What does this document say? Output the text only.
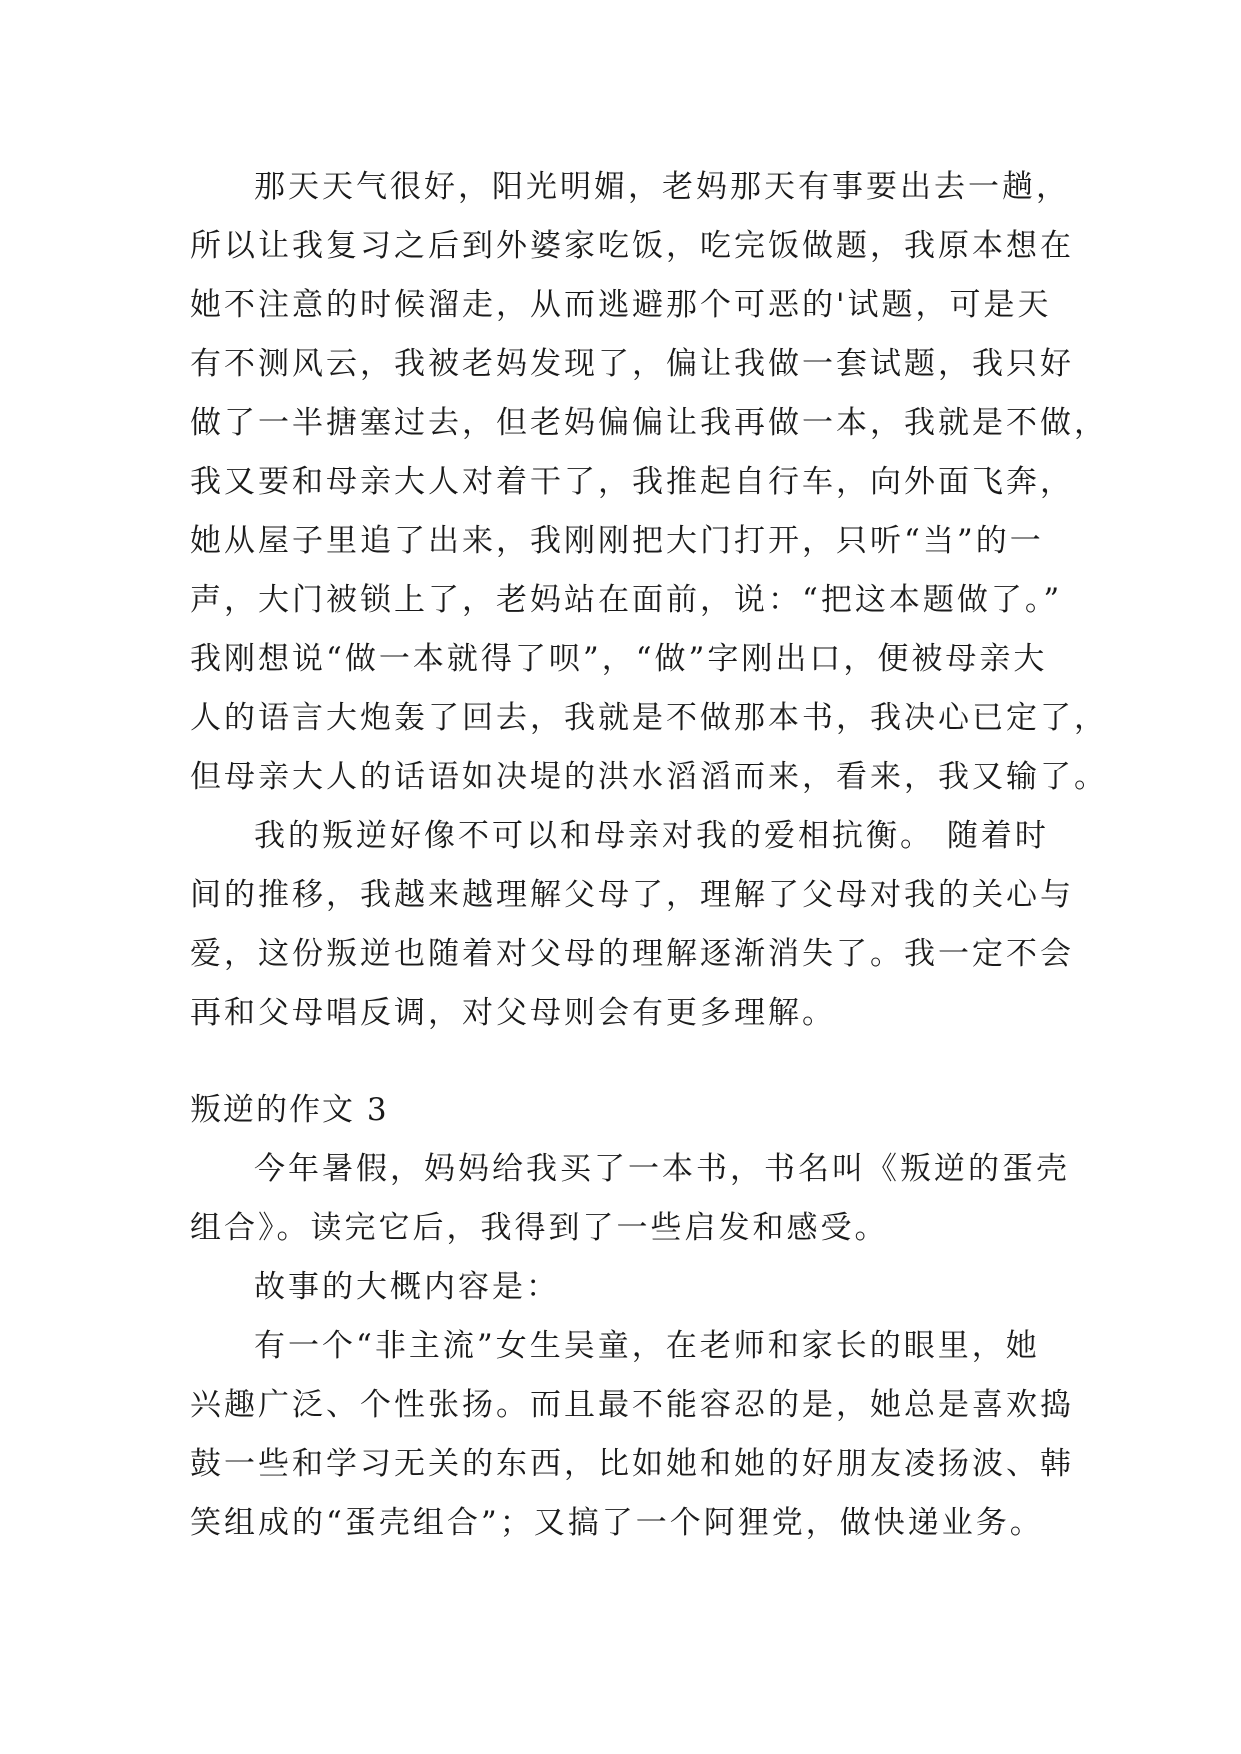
那天天气很好，阳光明媚，老妈那天有事要出去一趟，
所以让我复习之后到外婆家吃饭，吃完饭做题，我原本想在
她不注意的时候溜走，从而逃避那个可恶的'试题，可是天
有不测风云，我被老妈发现了，偏让我做一套试题，我只好
做了一半搪塞过去，但老妈偏偏让我再做一本，我就是不做，
我又要和母亲大人对着干了，我推起自行车，向外面飞奔，
她从屋子里追了出来，我刚刚把大门打开，只听“当”的一
声，大门被锁上了，老妈站在面前，说：“把这本题做了。”
我刚想说“做一本就得了呗”，“做”字刚出口，便被母亲大
人的语言大炮轰了回去，我就是不做那本书，我决心已定了，
但母亲大人的话语如决堤的洪水滔滔而来，看来，我又输了。
我的叛逆好像不可以和母亲对我的爱相抗衡。 随着时
间的推移，我越来越理解父母了，理解了父母对我的关心与
爱，这份叛逆也随着对父母的理解逐渐消失了。我一定不会
再和父母唱反调，对父母则会有更多理解。
叛逆的作文 3
今年暑假，妈妈给我买了一本书，书名叫《叛逆的蛋壳
组合》。读完它后，我得到了一些启发和感受。
故事的大概内容是：
有一个“非主流”女生吴童，在老师和家长的眼里，她
兴趣广泛、个性张扬。而且最不能容忍的是，她总是喜欢捣
鼓一些和学习无关的东西，比如她和她的好朋友凌扬波、韩
笑组成的“蛋壳组合”；又搞了一个阿狸党，做快递业务。
